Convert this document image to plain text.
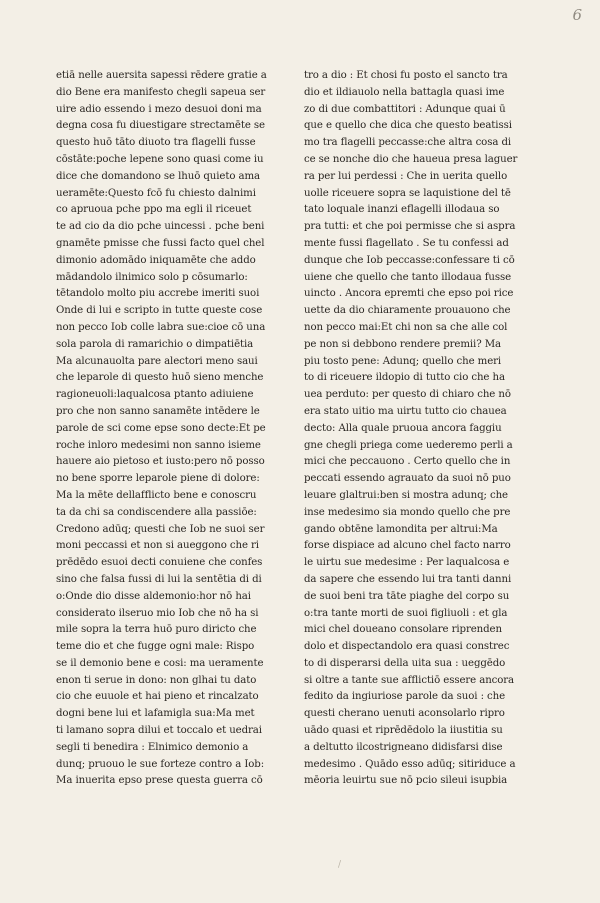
6
etiā nelle auersita sapessi rēdere gratie a
dio Bene era manifesto chegli sapeua ser
uire adio essendo i mezo desuoi doni ma
degna cosa fu diuestigare strectamēte se
questo huō tāto diuoto tra flagelli fusse
cōstāte:poche lepene sono quasi come iu
dice che domandono se lhuō quieto ama
ueramēte:Questo fcō fu chiesto dalnimi
co apruoua pche ppo ma egli il riceuet
te ad cio da dio pche uincessi . pche beni
gnamēte pmisse che fussi facto quel chel
dimonio adomādo iniquamēte che addo
mādandolo ilnimico solo p cōsumarlo:
tētandolo molto piu accrebe imeriti suoi
Onde di lui e scripto in tutte queste cose
non pecco Iob colle labra sue:cioe cō una
sola parola di ramarichio o dimpatiētia
Ma alcunauolta pare alectori meno saui
che leparole di questo huō sieno menche
ragioneuoli:laqualcosa ptanto adiuiene
pro che non sanno sanamēte intēdere le
parole de sci come epse sono decte:Et pe
roche inloro medesimi non sanno isieme
hauere aio pietoso et iusto:pero nō posso
no bene sporre leparole piene di dolore:
Ma la mēte dellafflicto bene e conoscru
ta da chi sa condiscendere alla passiōe:
Credono adūq; questi che Iob ne suoi ser
moni peccassi et non si aueggono che ri
prēdēdo esuoi decti conuiene che confes
sino che falsa fussi di lui la sentētia di di
o:Onde dio disse aldemonio:hor nō hai
considerato ilseruo mio Iob che nō ha si
mile sopra la terra huō puro diricto che
teme dio et che fugge ogni male: Rispo
se il demonio bene e cosi: ma ueramente
enon ti serue in dono: non glhai tu dato
cio che euuole et hai pieno et rincalzato
dogni bene lui et lafamigla sua:Ma met
ti lamano sopra dilui et toccalo et uedrai
segli ti benedira : Elnimico demonio a
dunq; pruouo le sue forteze contro a Iob:
Ma inuerita epso prese questa guerra cō
tro a dio : Et chosi fu posto el sancto tra
dio et ildiauolo nella battagla quasi ime
zo di due combattitori : Adunque quai ū
que e quello che dica che questo beatissi
mo tra flagelli peccasse:che altra cosa di
ce se nonche dio che haueua presa laguer
ra per lui perdessi : Che in uerita quello
uolle riceuere sopra se laquistione del tē
tato loquale inanzi eflagelli illodaua so
pra tutti: et che poi permisse che si aspra
mente fussi flagellato . Se tu confessi ad
dunque che Iob peccasse:confessare ti cō
uiene che quello che tanto illodaua fusse
uincto . Ancora epremti che epso poi rice
uette da dio chiaramente prouauono che
non pecco mai:Et chi non sa che alle col
pe non si debbono rendere premii? Ma
piu tosto pene: Adunq; quello che meri
to di riceuere ildopio di tutto cio che ha
uea perduto: per questo di chiaro che nō
era stato uitio ma uirtu tutto cio chauea
decto: Alla quale pruoua ancora faggiu
gne chegli priega come uederemo perli a
mici che peccauono . Certo quello che in
peccati essendo agrauato da suoi nō puo
leuare glaltrui:ben si mostra adunq; che
inse medesimo sia mondo quello che pre
gando obtēne lamondita per altrui:Ma
forse dispiace ad alcuno chel facto narro
le uirtu sue medesime : Per laqualcosa e
da sapere che essendo lui tra tanti danni
de suoi beni tra tāte piaghe del corpo su
o:tra tante morti de suoi figliuoli : et gla
mici chel doueano consolare riprenden
dolo et dispectandolo era quasi constrec
to di disperarsi della uita sua : ueggēdo
si oltre a tante sue afflictiō essere ancora
fedito da ingiuriose parole da suoi : che
questi cherano uenuti aconsolarlo ripro
uādo quasi et riprēdēdolo la iiustitia su
a deltutto ilcostrigneano didisfarsi dise
medesimo . Quādo esso adūq; sitiriduce a
mēoria leuirtu sue nō pcio sileui isupbia
/
